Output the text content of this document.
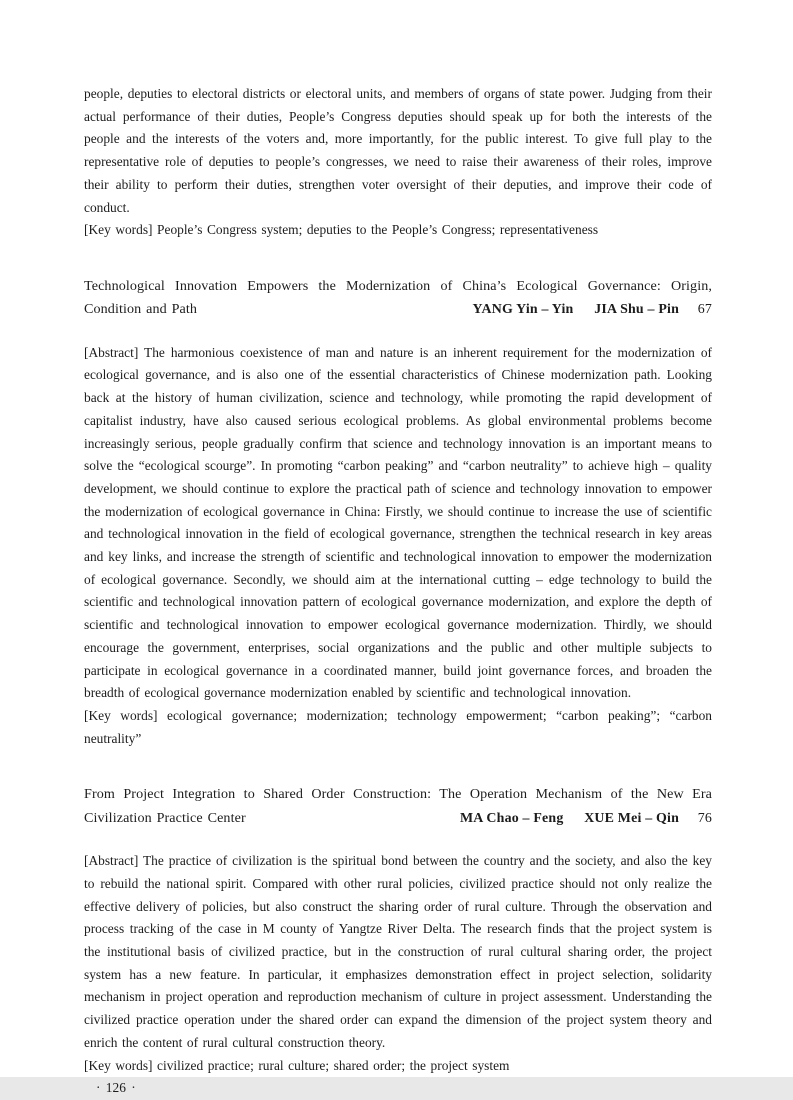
people, deputies to electoral districts or electoral units, and members of organs of state power. Judging from their actual performance of their duties, People’s Congress deputies should speak up for both the interests of the people and the interests of the voters and, more importantly, for the public interest. To give full play to the representative role of deputies to people’s congresses, we need to raise their awareness of their roles, improve their ability to perform their duties, strengthen voter oversight of their deputies, and improve their code of conduct.

[Key words] People’s Congress system; deputies to the People’s Congress; representativeness

Technological Innovation Empowers the Modernization of China’s Ecological Governance: Origin, Condition and Path	YANG Yin – Yin JIA Shu – Pin 67

[Abstract] The harmonious coexistence of man and nature is an inherent requirement for the modernization of ecological governance, and is also one of the essential characteristics of Chinese modernization path. Looking back at the history of human civilization, science and technology, while promoting the rapid development of capitalist industry, have also caused serious ecological problems. As global environmental problems become increasingly serious, people gradually confirm that science and technology innovation is an important means to solve the “ecological scourge”. In promoting “carbon peaking” and “carbon neutrality” to achieve high – quality development, we should continue to explore the practical path of science and technology innovation to empower the modernization of ecological governance in China: Firstly, we should continue to increase the use of scientific and technological innovation in the field of ecological governance, strengthen the technical research in key areas and key links, and increase the strength of scientific and technological innovation to empower the modernization of ecological governance. Secondly, we should aim at the international cutting – edge technology to build the scientific and technological innovation pattern of ecological governance modernization, and explore the depth of scientific and technological innovation to empower ecological governance modernization. Thirdly, we should encourage the government, enterprises, social organizations and the public and other multiple subjects to participate in ecological governance in a coordinated manner, build joint governance forces, and broaden the breadth of ecological governance modernization enabled by scientific and technological innovation.

[Key words] ecological governance; modernization; technology empowerment; “carbon peaking”; “carbon neutrality”

From Project Integration to Shared Order Construction: The Operation Mechanism of the New Era Civilization Practice Center	MA Chao – Feng XUE Mei – Qin 76

[Abstract] The practice of civilization is the spiritual bond between the country and the society, and also the key to rebuild the national spirit. Compared with other rural policies, civilized practice should not only realize the effective delivery of policies, but also construct the sharing order of rural culture. Through the observation and process tracking of the case in M county of Yangtze River Delta. The research finds that the project system is the institutional basis of civilized practice, but in the construction of rural cultural sharing order, the project system has a new feature. In particular, it emphasizes demonstration effect in project selection, solidarity mechanism in project operation and reproduction mechanism of culture in project assessment. Understanding the civilized practice operation under the shared order can expand the dimension of the project system theory and enrich the content of rural cultural construction theory.

[Key words] civilized practice; rural culture; shared order; the project system

· 126 ·
